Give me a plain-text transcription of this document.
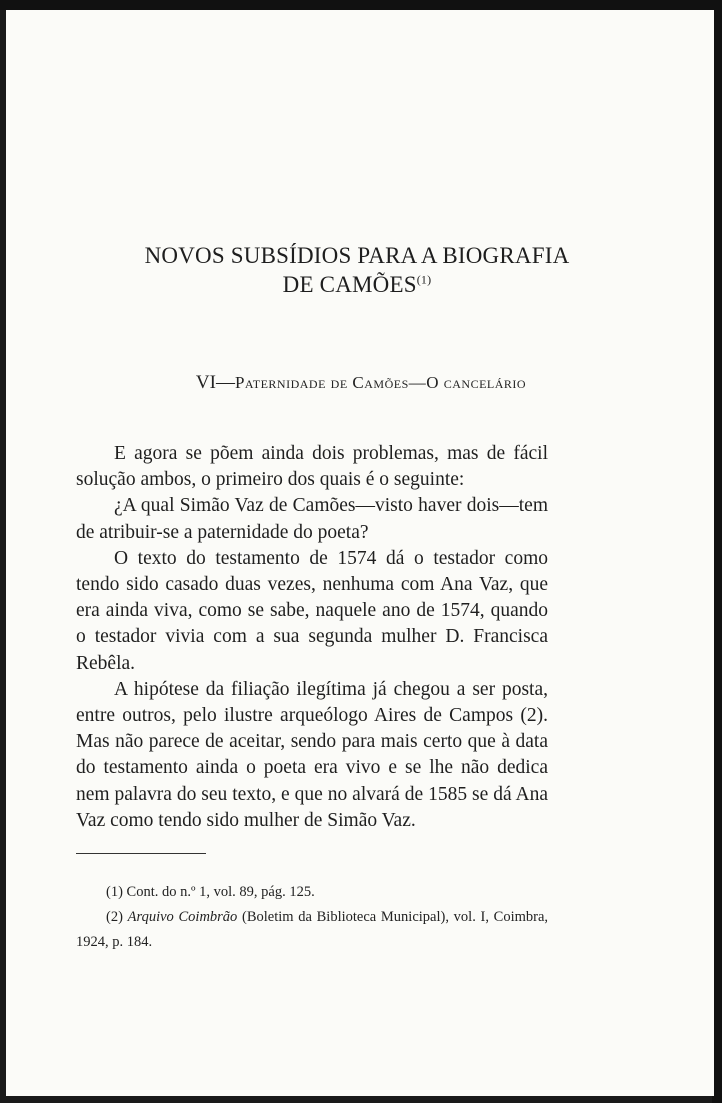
NOVOS SUBSÍDIOS PARA A BIOGRAFIA
DE CAMÕES$^{(1)}$
VI—Paternidade de Camões—O cancelário

E agora se põem ainda dois problemas, mas de fácil solução ambos, o primeiro dos quais é o seguinte:

¿A qual Simão Vaz de Camões—visto haver dois—tem de atribuir-se a paternidade do poeta?

O texto do testamento de 1574 dá o testador como tendo sido casado duas vezes, nenhuma com Ana Vaz, que era ainda viva, como se sabe, naquele ano de 1574, quando o testador vivia com a sua segunda mulher D. Francisca Rebêla.

A hipótese da filiação ilegítima já chegou a ser posta, entre outros, pelo ilustre arqueólogo Aires de Campos (2). Mas não parece de aceitar, sendo para mais certo que à data do testamento ainda o poeta era vivo e se lhe não dedica nem palavra do seu texto, e que no alvará de 1585 se dá Ana Vaz como tendo sido mulher de Simão Vaz.

(1) Cont. do n.º 1, vol. 89, pág. 125.

(2) Arquivo Coimbrão (Boletim da Biblioteca Municipal), vol. I, Coimbra, 1924, p. 184.
